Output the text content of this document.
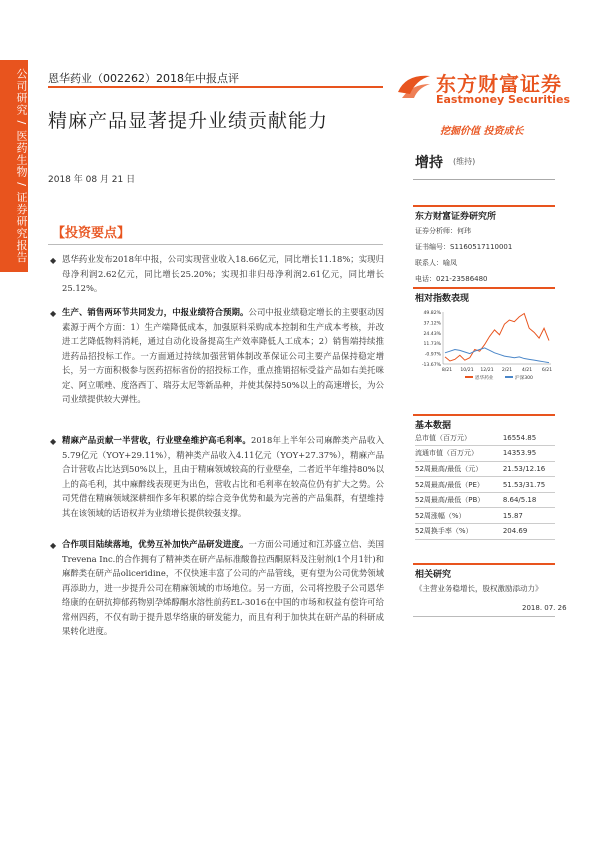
公司研究 / 医药生物 / 证券研究报告 恩华药业（002262）2018年中报点评
精麻产品显著提升业绩贡献能力
2018 年 08 月 21 日
东方财富证券
Eastmoney Securities
挖掘价值 投资成长
增持 (维持)
东方财富证券研究所
证券分析师：何玮
证书编号：S1160517110001
联系人：喻凤
电话：021-23586480
相对指数表现
49.82%
37.12%
24.43%
11.73%
-0.97%
-13.67%
8/21 10/21 12/21 2/21 4/21 6/21
恩华药业	沪深300
基本数据
总市值（百万元）	16554.85
流通市值（百万元）	14353.95
52周最高/最低（元）	21.53/12.16
52周最高/最低（PE）	51.53/31.75
52周最高/最低（PB）	8.64/5.18
52周涨幅（%）	15.87
52周换手率（%）	204.69
相关研究
《主营业务稳增长，股权激励添动力》
2018. 07. 26
【投资要点】
◆ 恩华药业发布2018年中报，公司实现营业收入18.66亿元，同比增长11.18%；实现归母净利润2.62亿元，同比增长25.20%；实现扣非归母净利润2.61亿元，同比增长25.12%。
◆ 生产、销售两环节共同发力，中报业绩符合预期。公司中报业绩稳定增长的主要驱动因素源于两个方面：1）生产端降低成本，加强原料采购成本控制和生产成本考核，并改进工艺降低物料消耗，通过自动化设备提高生产效率降低人工成本；2）销售端持续推进药品招投标工作。一方面通过持续加强营销体制改革保证公司主要产品保持稳定增长，另一方面积极参与医药招标省份的招投标工作，重点推销招标受益产品如右美托咪定、阿立哌唑、度洛西丁、瑞芬太尼等新品种，并使其保持50%以上的高速增长，为公司业绩提供较大弹性。
◆ 精麻产品贡献一半营收，行业壁垒维护高毛利率。2018年上半年公司麻醉类产品收入5.79亿元（YOY+29.11%），精神类产品收入4.11亿元（YOY+27.37%），精麻产品合计营收占比达到50%以上，且由于精麻领域较高的行业壁垒，二者近半年维持80%以上的高毛利，其中麻醉线表现更为出色，营收占比和毛利率在较高位仍有扩大之势。公司凭借在精麻领域深耕细作多年积累的综合竞争优势和最为完善的产品集群，有望维持其在该领域的话语权并为业绩增长提供较强支撑。
◆ 合作项目陆续落地，优势互补加快产品研发进度。一方面公司通过和江苏盛立信、美国Trevena Inc.的合作拥有了精神类在研产品标准酸鲁拉西酮原料及注射剂(1个月1针)和麻醉类在研产品oliceridine，不仅快速丰富了公司的产品管线，更有望为公司优势领域再添助力，进一步提升公司在精麻领域的市场地位。另一方面，公司将控股子公司恩华络康的在研抗抑郁药物别孕烯醇酮水溶性前药EL-3016在中国的市场和权益有偿许可给常州四药，不仅有助于提升恩华络康的研发能力，而且有利于加快其在研产品的科研成果转化进度。
